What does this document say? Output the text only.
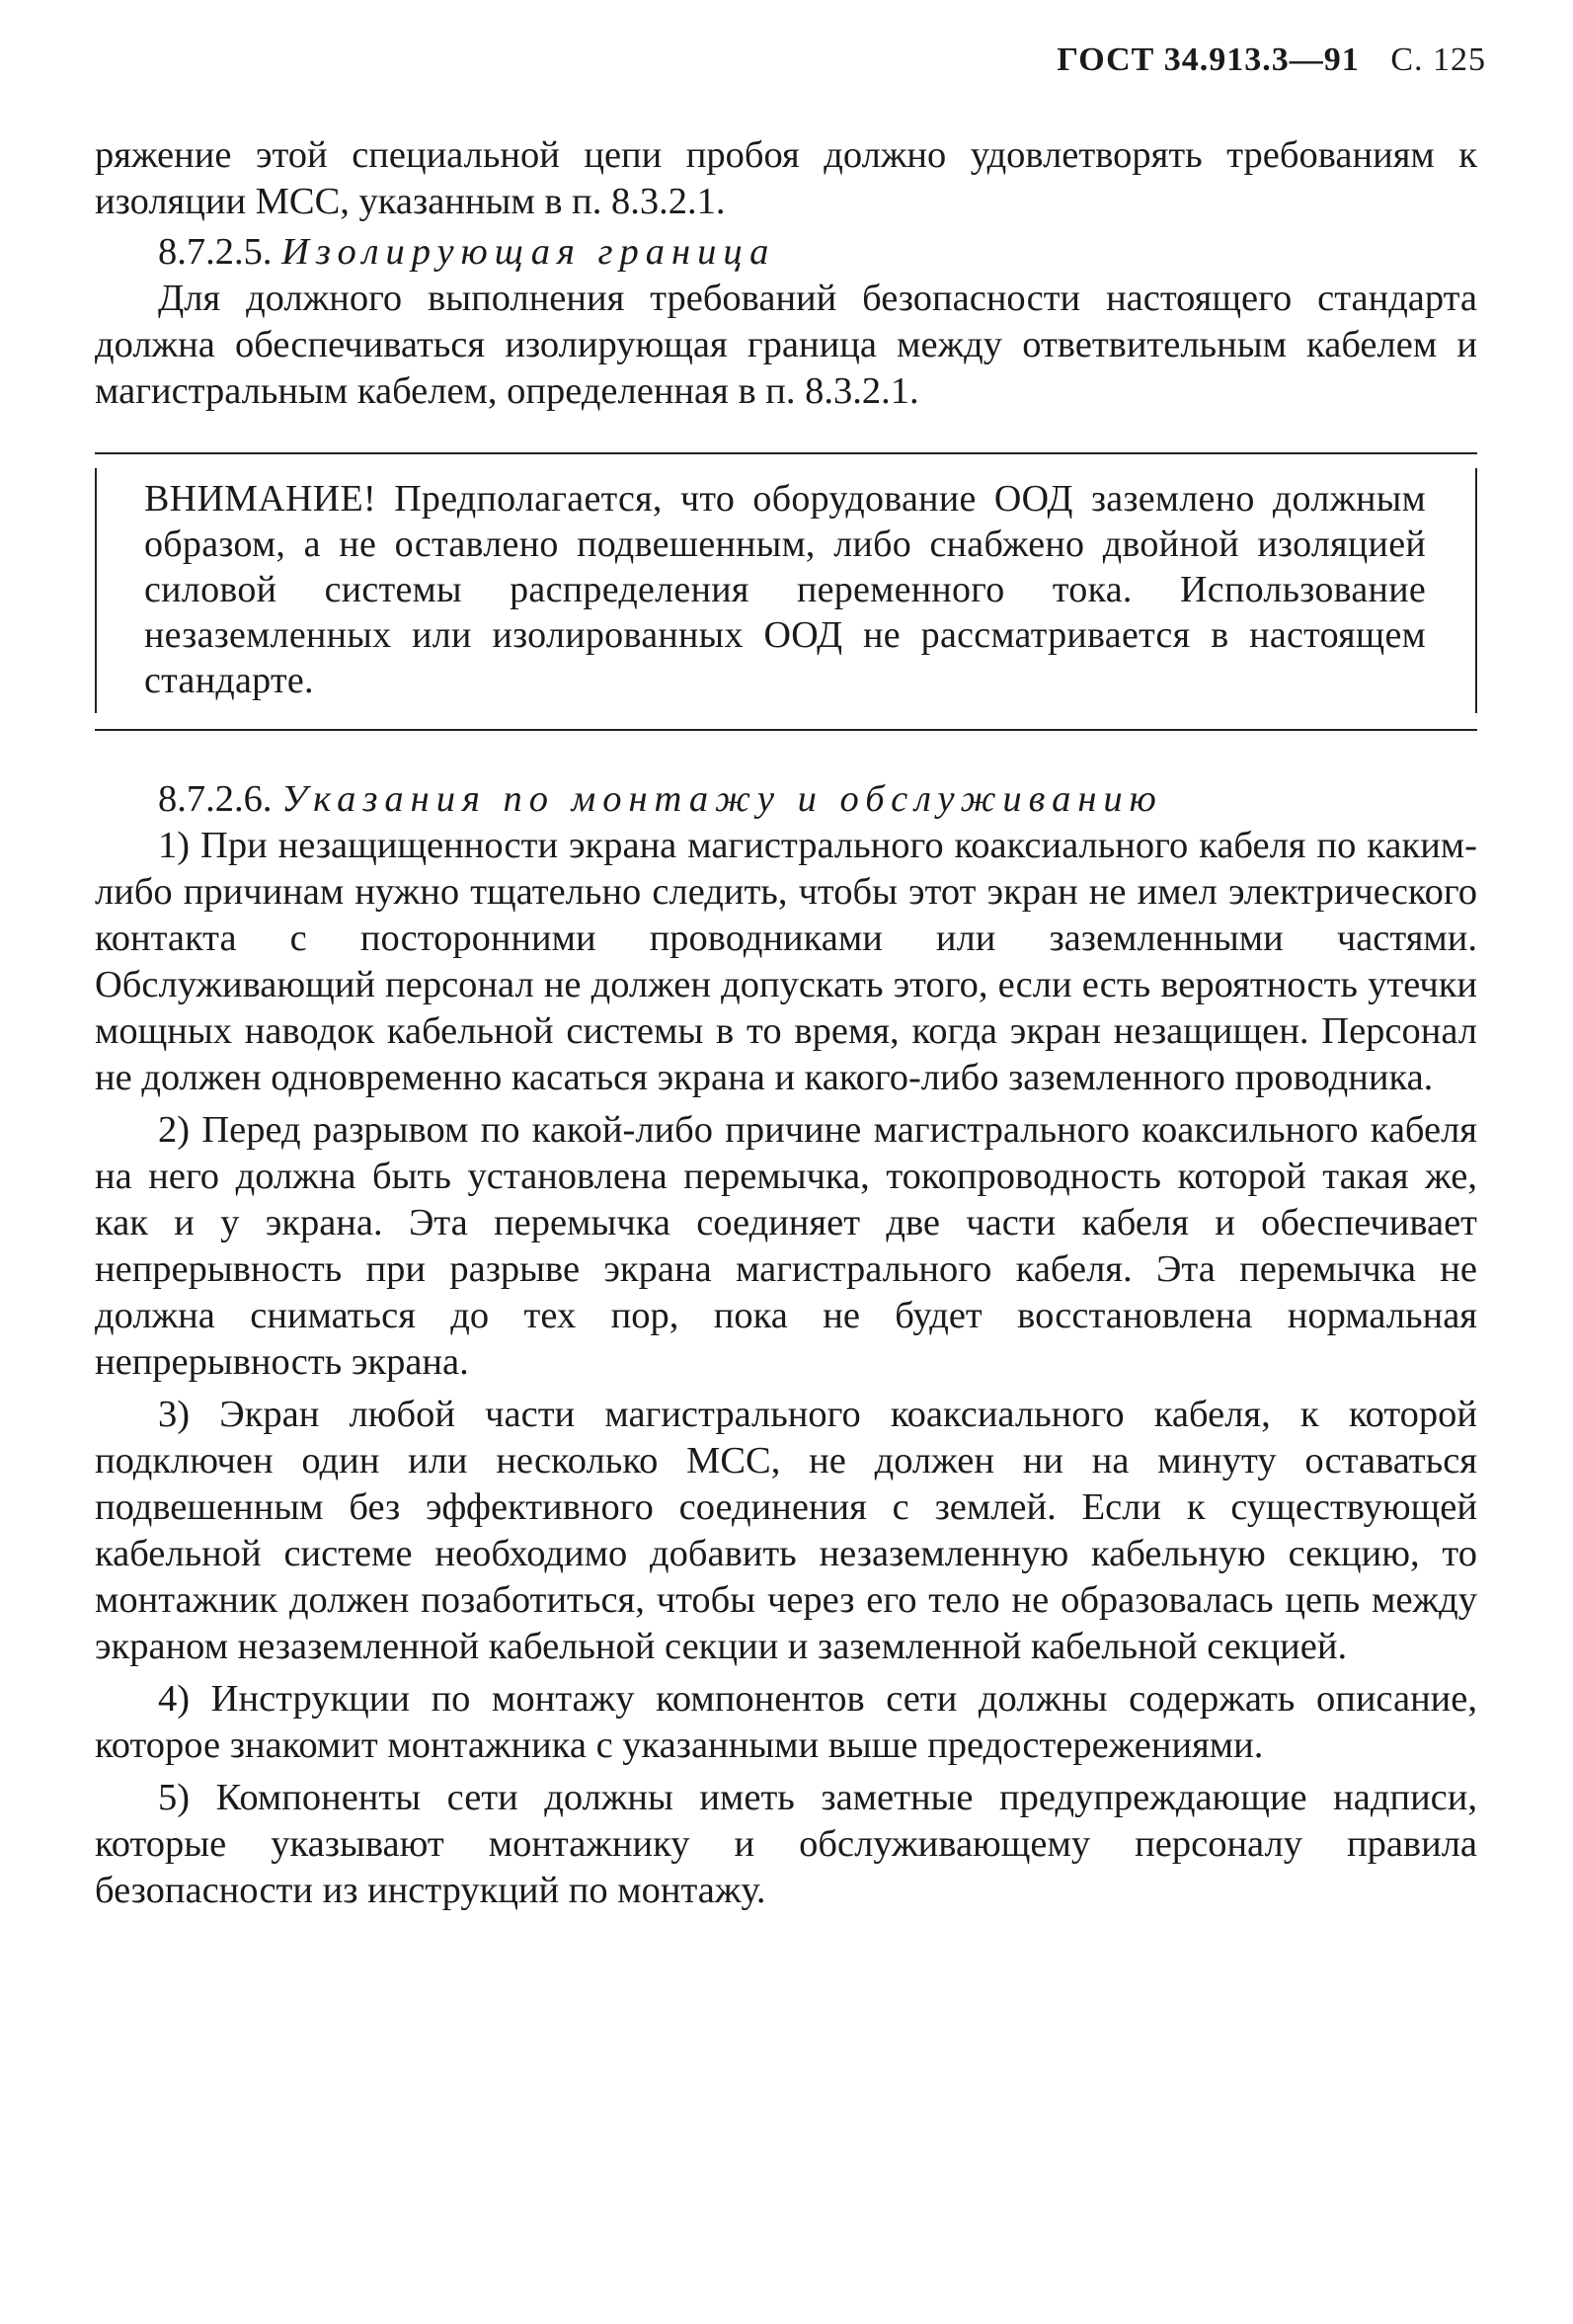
ГОСТ 34.913.3—91 С. 125

ряжение этой специальной цепи пробоя должно удовлетворять требованиям к изоляции МСС, указанным в п. 8.3.2.1.

8.7.2.5. Изолирующая граница

Для должного выполнения требований безопасности настоящего стандарта должна обеспечиваться изолирующая граница между ответвительным кабелем и магистральным кабелем, определенная в п. 8.3.2.1.

ВНИМАНИЕ! Предполагается, что оборудование ООД заземлено должным образом, а не оставлено подвешенным, либо снабжено двойной изоляцией силовой системы распределения переменного тока. Использование незаземленных или изолированных ООД не рассматривается в настоящем стандарте.

8.7.2.6. Указания по монтажу и обслуживанию

1) При незащищенности экрана магистрального коаксиального кабеля по каким-либо причинам нужно тщательно следить, чтобы этот экран не имел электрического контакта с посторонними проводниками или заземленными частями. Обслуживающий персонал не должен допускать этого, если есть вероятность утечки мощных наводок кабельной системы в то время, когда экран незащищен. Персонал не должен одновременно касаться экрана и какого-либо заземленного проводника.

2) Перед разрывом по какой-либо причине магистрального коаксильного кабеля на него должна быть установлена перемычка, токопроводность которой такая же, как и у экрана. Эта перемычка соединяет две части кабеля и обеспечивает непрерывность при разрыве экрана магистрального кабеля. Эта перемычка не должна сниматься до тех пор, пока не будет восстановлена нормальная непрерывность экрана.

3) Экран любой части магистрального коаксиального кабеля, к которой подключен один или несколько МСС, не должен ни на минуту оставаться подвешенным без эффективного соединения с землей. Если к существующей кабельной системе необходимо добавить незаземленную кабельную секцию, то монтажник должен позаботиться, чтобы через его тело не образовалась цепь между экраном незаземленной кабельной секции и заземленной кабельной секцией.

4) Инструкции по монтажу компонентов сети должны содержать описание, которое знакомит монтажника с указанными выше предостережениями.

5) Компоненты сети должны иметь заметные предупреждающие надписи, которые указывают монтажнику и обслуживающему персоналу правила безопасности из инструкций по монтажу.
